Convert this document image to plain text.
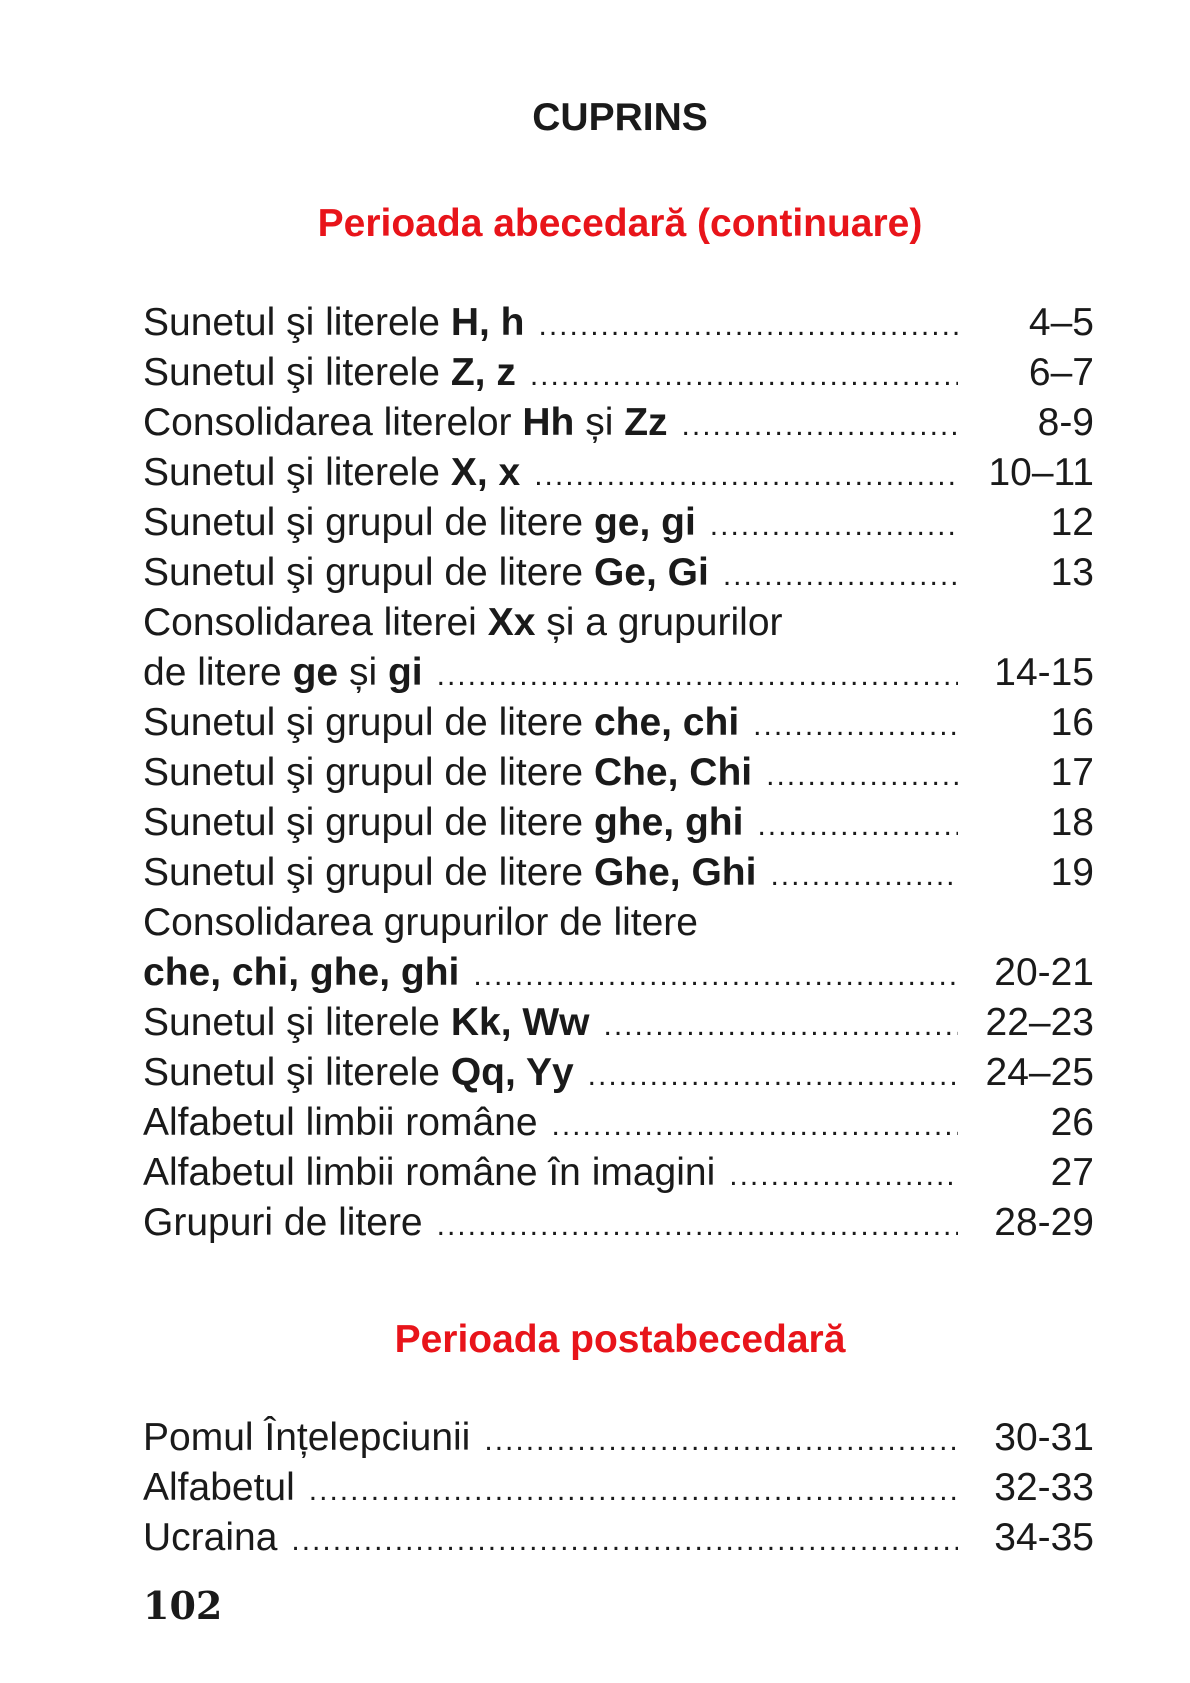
CUPRINS
Perioada abecedară (continuare)
Sunetul şi literele H, h .....	4–5
Sunetul şi literele Z, z .....	6–7
Consolidarea literelor Hh și Zz .....	8-9
Sunetul şi literele X, x .....	10–11
Sunetul şi grupul de litere ge, gi .....	12
Sunetul şi grupul de litere Ge, Gi .....	13
Consolidarea literei Xx și a grupurilor
de litere ge și gi .....	14-15
Sunetul şi grupul de litere che, chi .....	16
Sunetul şi grupul de litere Che, Chi .....	17
Sunetul şi grupul de litere ghe, ghi .....	18
Sunetul şi grupul de litere Ghe, Ghi .....	19
Consolidarea grupurilor de litere
che, chi, ghe, ghi .....	20-21
Sunetul şi literele Kk, Ww .....	22–23
Sunetul şi literele Qq, Yy .....	24–25
Alfabetul limbii române .....	26
Alfabetul limbii române în imagini .....	27
Grupuri de litere .....	28-29
Perioada postabecedară
Pomul Înțelepciunii .....	30-31
Alfabetul .....	32-33
Ucraina .....	34-35
102
